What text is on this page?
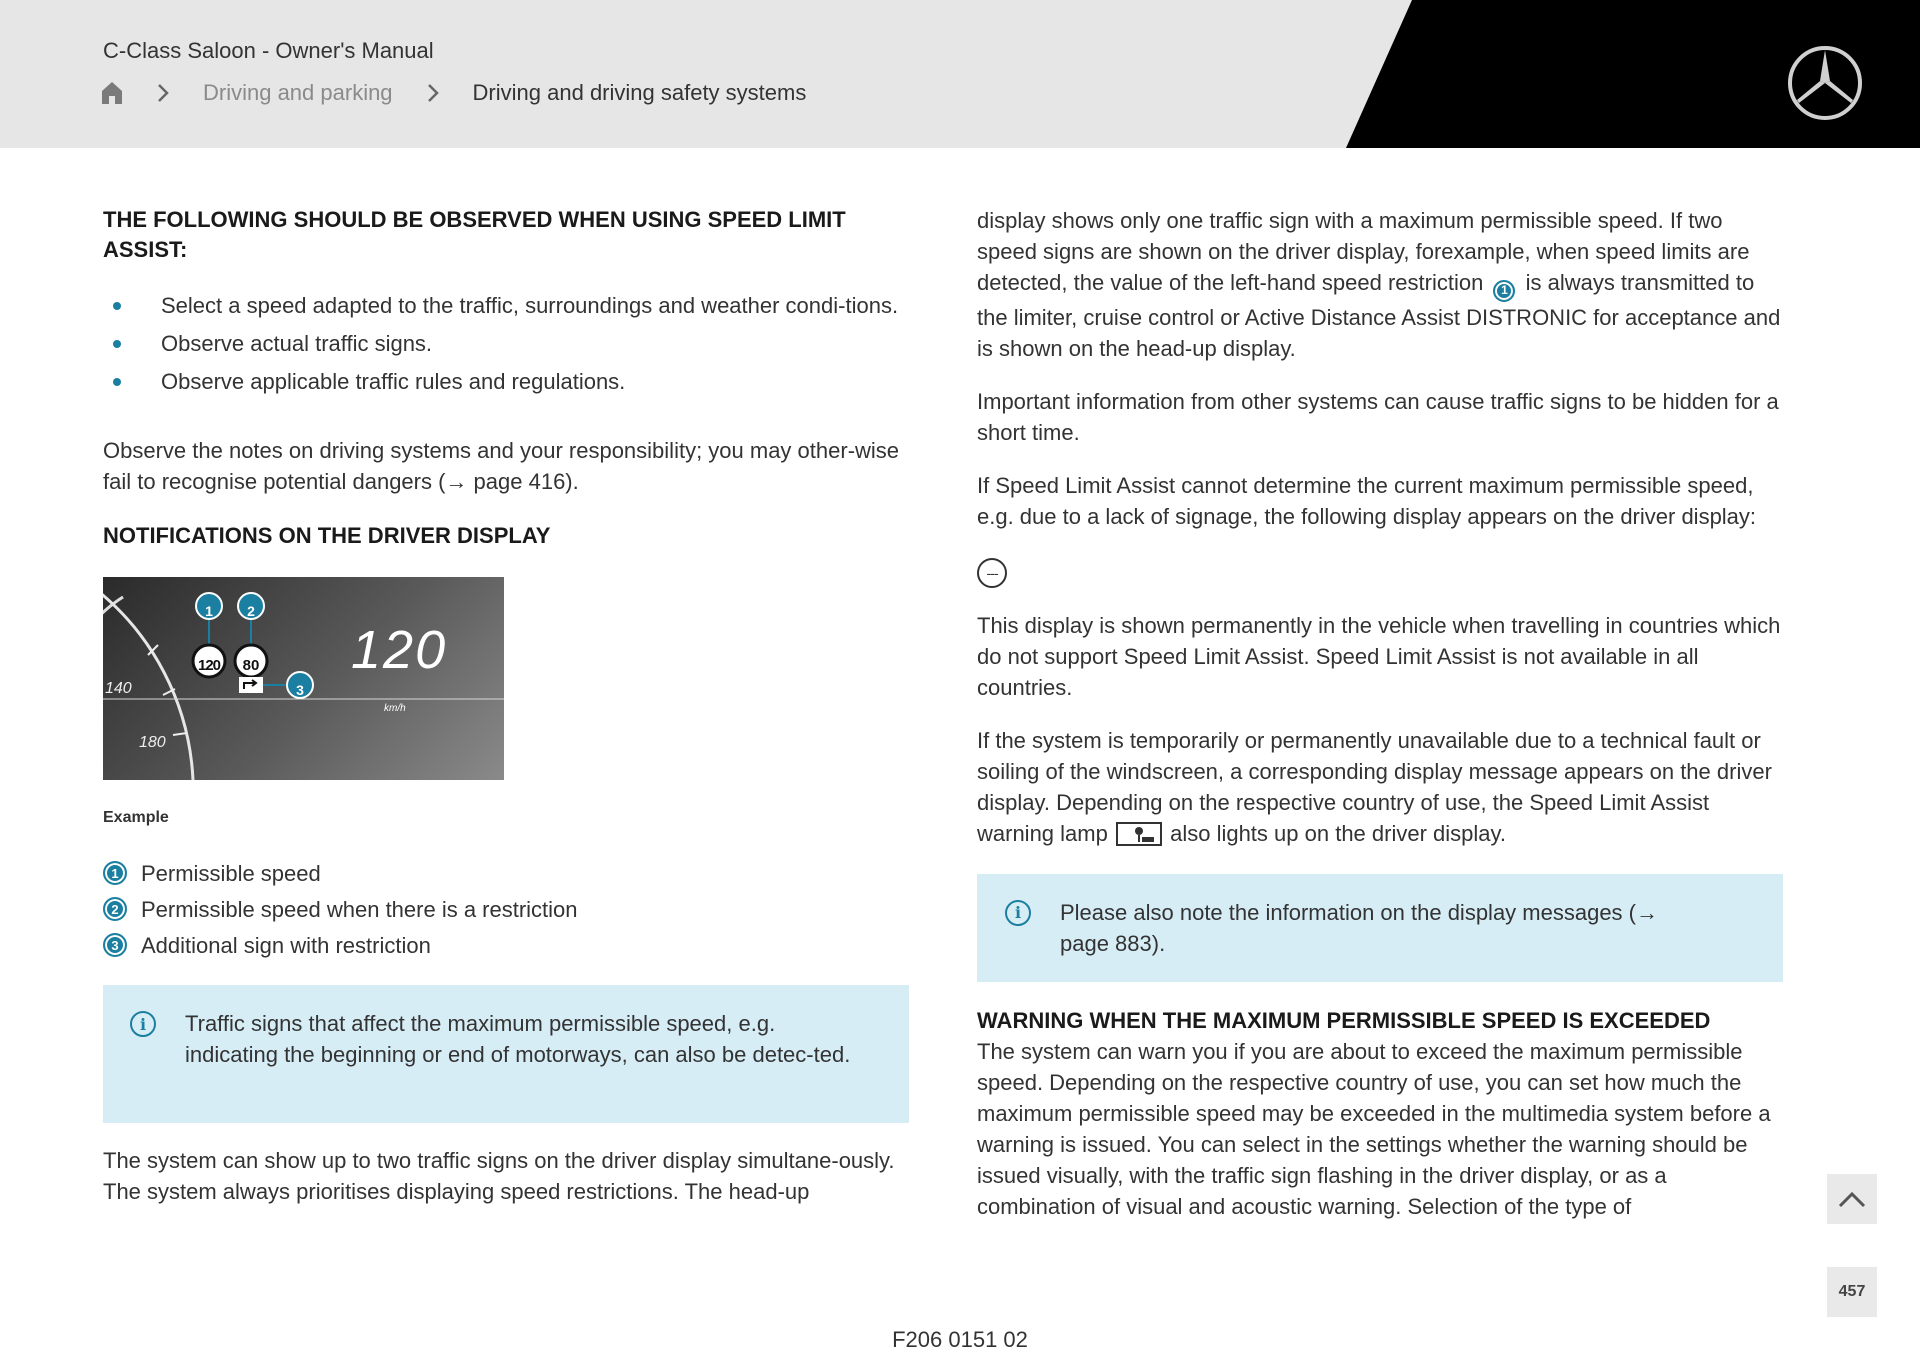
C-Class Saloon - Owner's Manual
Driving and parking	Driving and driving safety systems
THE FOLLOWING SHOULD BE OBSERVED WHEN USING SPEED LIMIT ASSIST:
Select a speed adapted to the traffic, surroundings and weather condi-tions.
Observe actual traffic signs.
Observe applicable traffic rules and regulations.

Observe the notes on driving systems and your responsibility; you may other-wise fail to recognise potential dangers (→ page 416).

NOTIFICATIONS ON THE DRIVER DISPLAY
1 2
3
120	80
140
180
120
km/h
Example
1	Permissible speed
2	Permissible speed when there is a restriction
3	Additional sign with restriction
i	Traffic signs that affect the maximum permissible speed, e.g. indicating the beginning or end of motorways, can also be detec-ted.

The system can show up to two traffic signs on the driver display simultane-ously. The system always prioritises displaying speed restrictions. The head-up

display shows only one traffic sign with a maximum permissible speed. If two speed signs are shown on the driver display, forexample, when speed limits are detected, the value of the left-hand speed restriction 1 is always transmitted to the limiter, cruise control or Active Distance Assist DISTRONIC for acceptance and is shown on the head-up display.

Important information from other systems can cause traffic signs to be hidden for a short time.

If Speed Limit Assist cannot determine the current maximum permissible speed, e.g. due to a lack of signage, the following display appears on the driver display:

---

This display is shown permanently in the vehicle when travelling in countries which do not support Speed Limit Assist. Speed Limit Assist is not available in all countries.

If the system is temporarily or permanently unavailable due to a technical fault or soiling of the windscreen, a corresponding display message appears on the driver display. Depending on the respective country of use, the Speed Limit Assist warning lamp	also lights up on the driver display.

i	Please also note the information on the display messages (→ page 883).
WARNING WHEN THE MAXIMUM PERMISSIBLE SPEED IS EXCEEDED

The system can warn you if you are about to exceed the maximum permissible speed. Depending on the respective country of use, you can set how much the maximum permissible speed may be exceeded in the multimedia system before a warning is issued. You can select in the settings whether the warning should be issued visually, with the traffic sign flashing in the driver display, or as a combination of visual and acoustic warning. Selection of the type of

457
F206 0151 02
